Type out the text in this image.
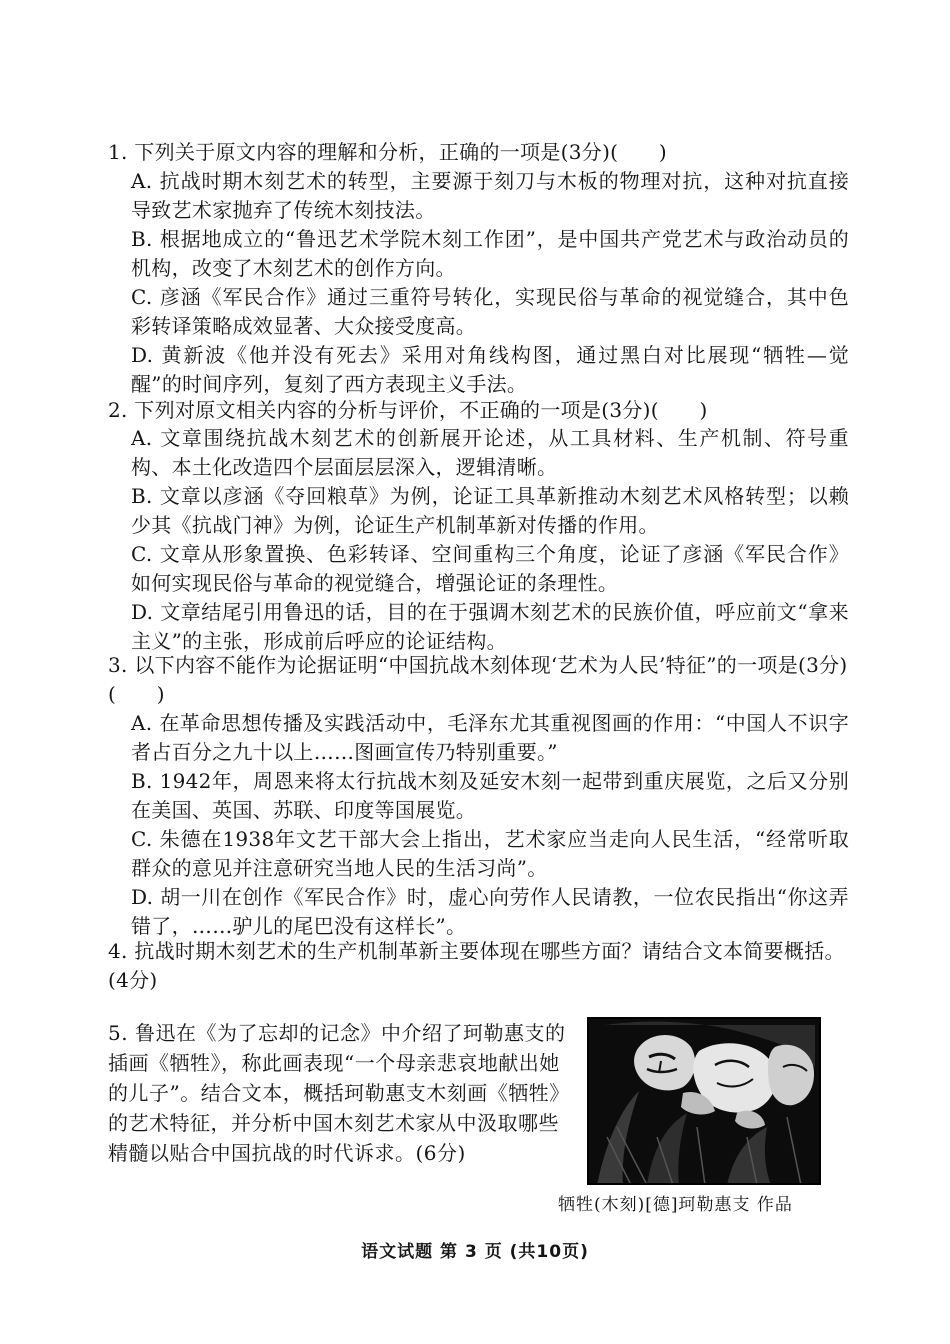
1. 下列关于原文内容的理解和分析，正确的一项是(3分)(　　)
A. 抗战时期木刻艺术的转型，主要源于刻刀与木板的物理对抗，这种对抗直接导致艺术家抛弃了传统木刻技法。
B. 根据地成立的“鲁迅艺术学院木刻工作团”，是中国共产党艺术与政治动员的机构，改变了木刻艺术的创作方向。
C. 彦涵《军民合作》通过三重符号转化，实现民俗与革命的视觉缝合，其中色彩转译策略成效显著、大众接受度高。
D. 黄新波《他并没有死去》采用对角线构图，通过黑白对比展现“牺牲—觉醒”的时间序列，复刻了西方表现主义手法。
2. 下列对原文相关内容的分析与评价，不正确的一项是(3分)(　　)
A. 文章围绕抗战木刻艺术的创新展开论述，从工具材料、生产机制、符号重构、本土化改造四个层面层层深入，逻辑清晰。
B. 文章以彦涵《夺回粮草》为例，论证工具革新推动木刻艺术风格转型；以赖少其《抗战门神》为例，论证生产机制革新对传播的作用。
C. 文章从形象置换、色彩转译、空间重构三个角度，论证了彦涵《军民合作》如何实现民俗与革命的视觉缝合，增强论证的条理性。
D. 文章结尾引用鲁迅的话，目的在于强调木刻艺术的民族价值，呼应前文“拿来主义”的主张，形成前后呼应的论证结构。
3. 以下内容不能作为论据证明“中国抗战木刻体现‘艺术为人民’特征”的一项是(3分)(　　)
A. 在革命思想传播及实践活动中，毛泽东尤其重视图画的作用：“中国人不识字者占百分之九十以上……图画宣传乃特别重要。”
B. 1942年，周恩来将太行抗战木刻及延安木刻一起带到重庆展览，之后又分别在美国、英国、苏联、印度等国展览。
C. 朱德在1938年文艺干部大会上指出，艺术家应当走向人民生活，“经常听取群众的意见并注意研究当地人民的生活习尚”。
D. 胡一川在创作《军民合作》时，虚心向劳作人民请教，一位农民指出“你这弄错了，……驴儿的尾巴没有这样长”。
4. 抗战时期木刻艺术的生产机制革新主要体现在哪些方面？请结合文本简要概括。(4分)
5. 鲁迅在《为了忘却的记念》中介绍了珂勒惠支的插画《牺牲》，称此画表现“一个母亲悲哀地献出她的儿子”。结合文本，概括珂勒惠支木刻画《牺牲》的艺术特征，并分析中国木刻艺术家从中汲取哪些精髓以贴合中国抗战的时代诉求。(6分)
牺牲(木刻)[德]珂勒惠支 作品
语文试题 第 3 页 (共10页)
